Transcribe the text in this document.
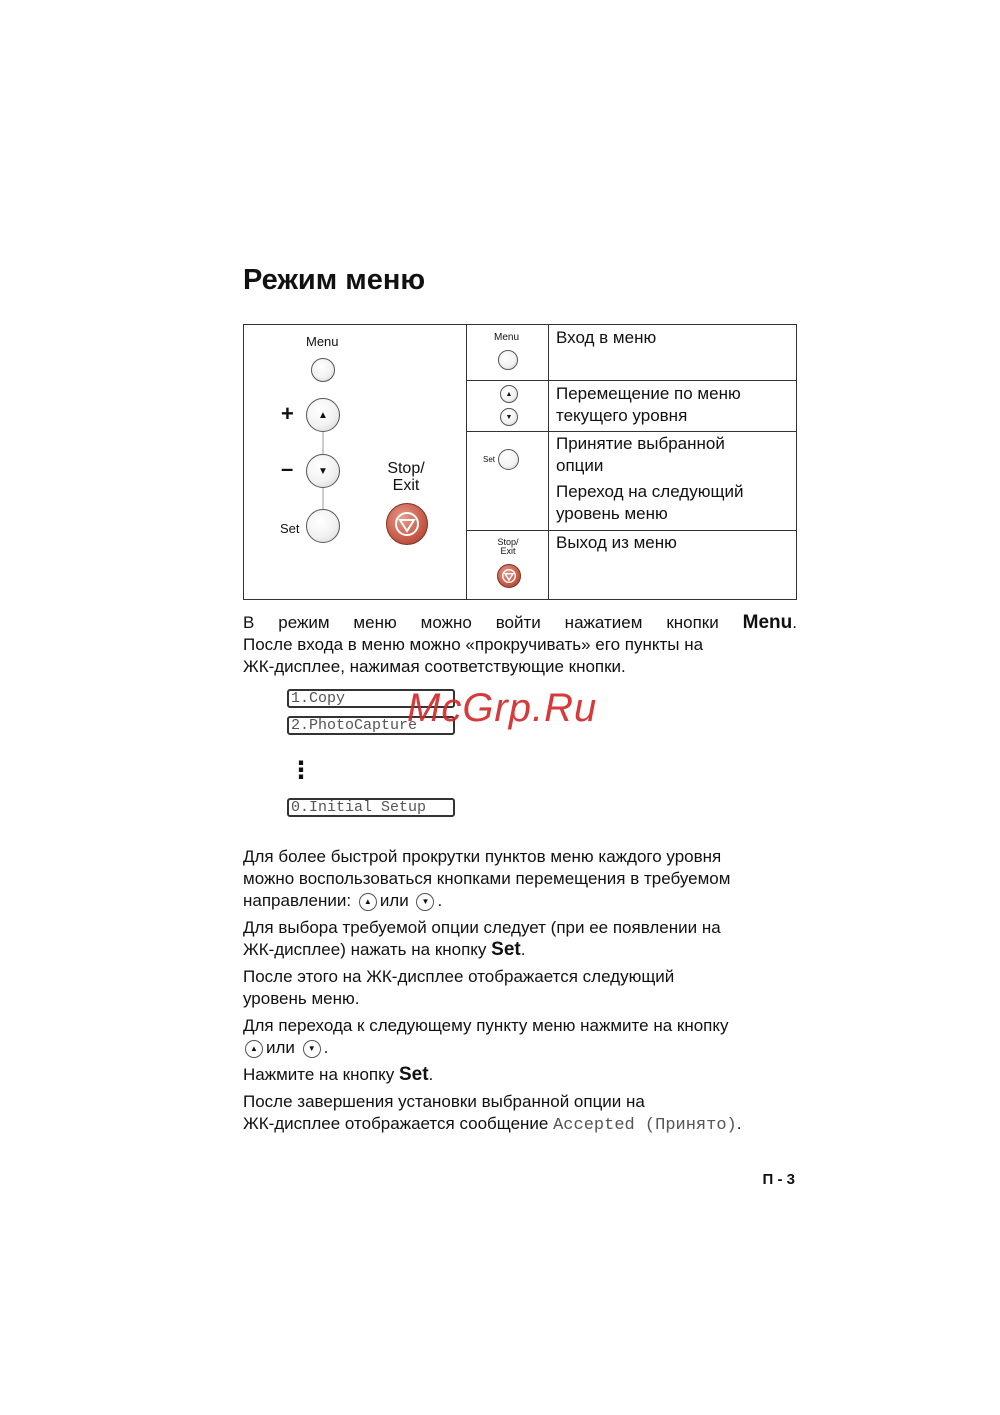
Режим меню
Menu
+ ▲
– ▼
Set
Stop/
Exit
Menu
▲
▼
Set
Stop/
Exit
Вход в меню
Перемещение по меню
текущего уровня
Принятие выбранной
опции
Переход на следующий
уровень меню
Выход из меню
В режим меню можно войти нажатием кнопки Menu.
После входа в меню можно «прокручивать» его пункты на
ЖК-дисплее, нажимая соответствующие кнопки.
1.Copy
2.PhotoCapture
⋮
0.Initial Setup
McGrp.Ru
Для более быстрой прокрутки пунктов меню каждого уровня
можно воспользоваться кнопками перемещения в требуемом
направлении: ▲ или ▼ .
Для выбора требуемой опции следует (при ее появлении на
ЖК-дисплее) нажать на кнопку Set.
После этого на ЖК-дисплее отображается следующий
уровень меню.
Для перехода к следующему пункту меню нажмите на кнопку
▲ или ▼ .
Нажмите на кнопку Set.
После завершения установки выбранной опции на
ЖК-дисплее отображается сообщение Accepted (Принято).
П - 3
